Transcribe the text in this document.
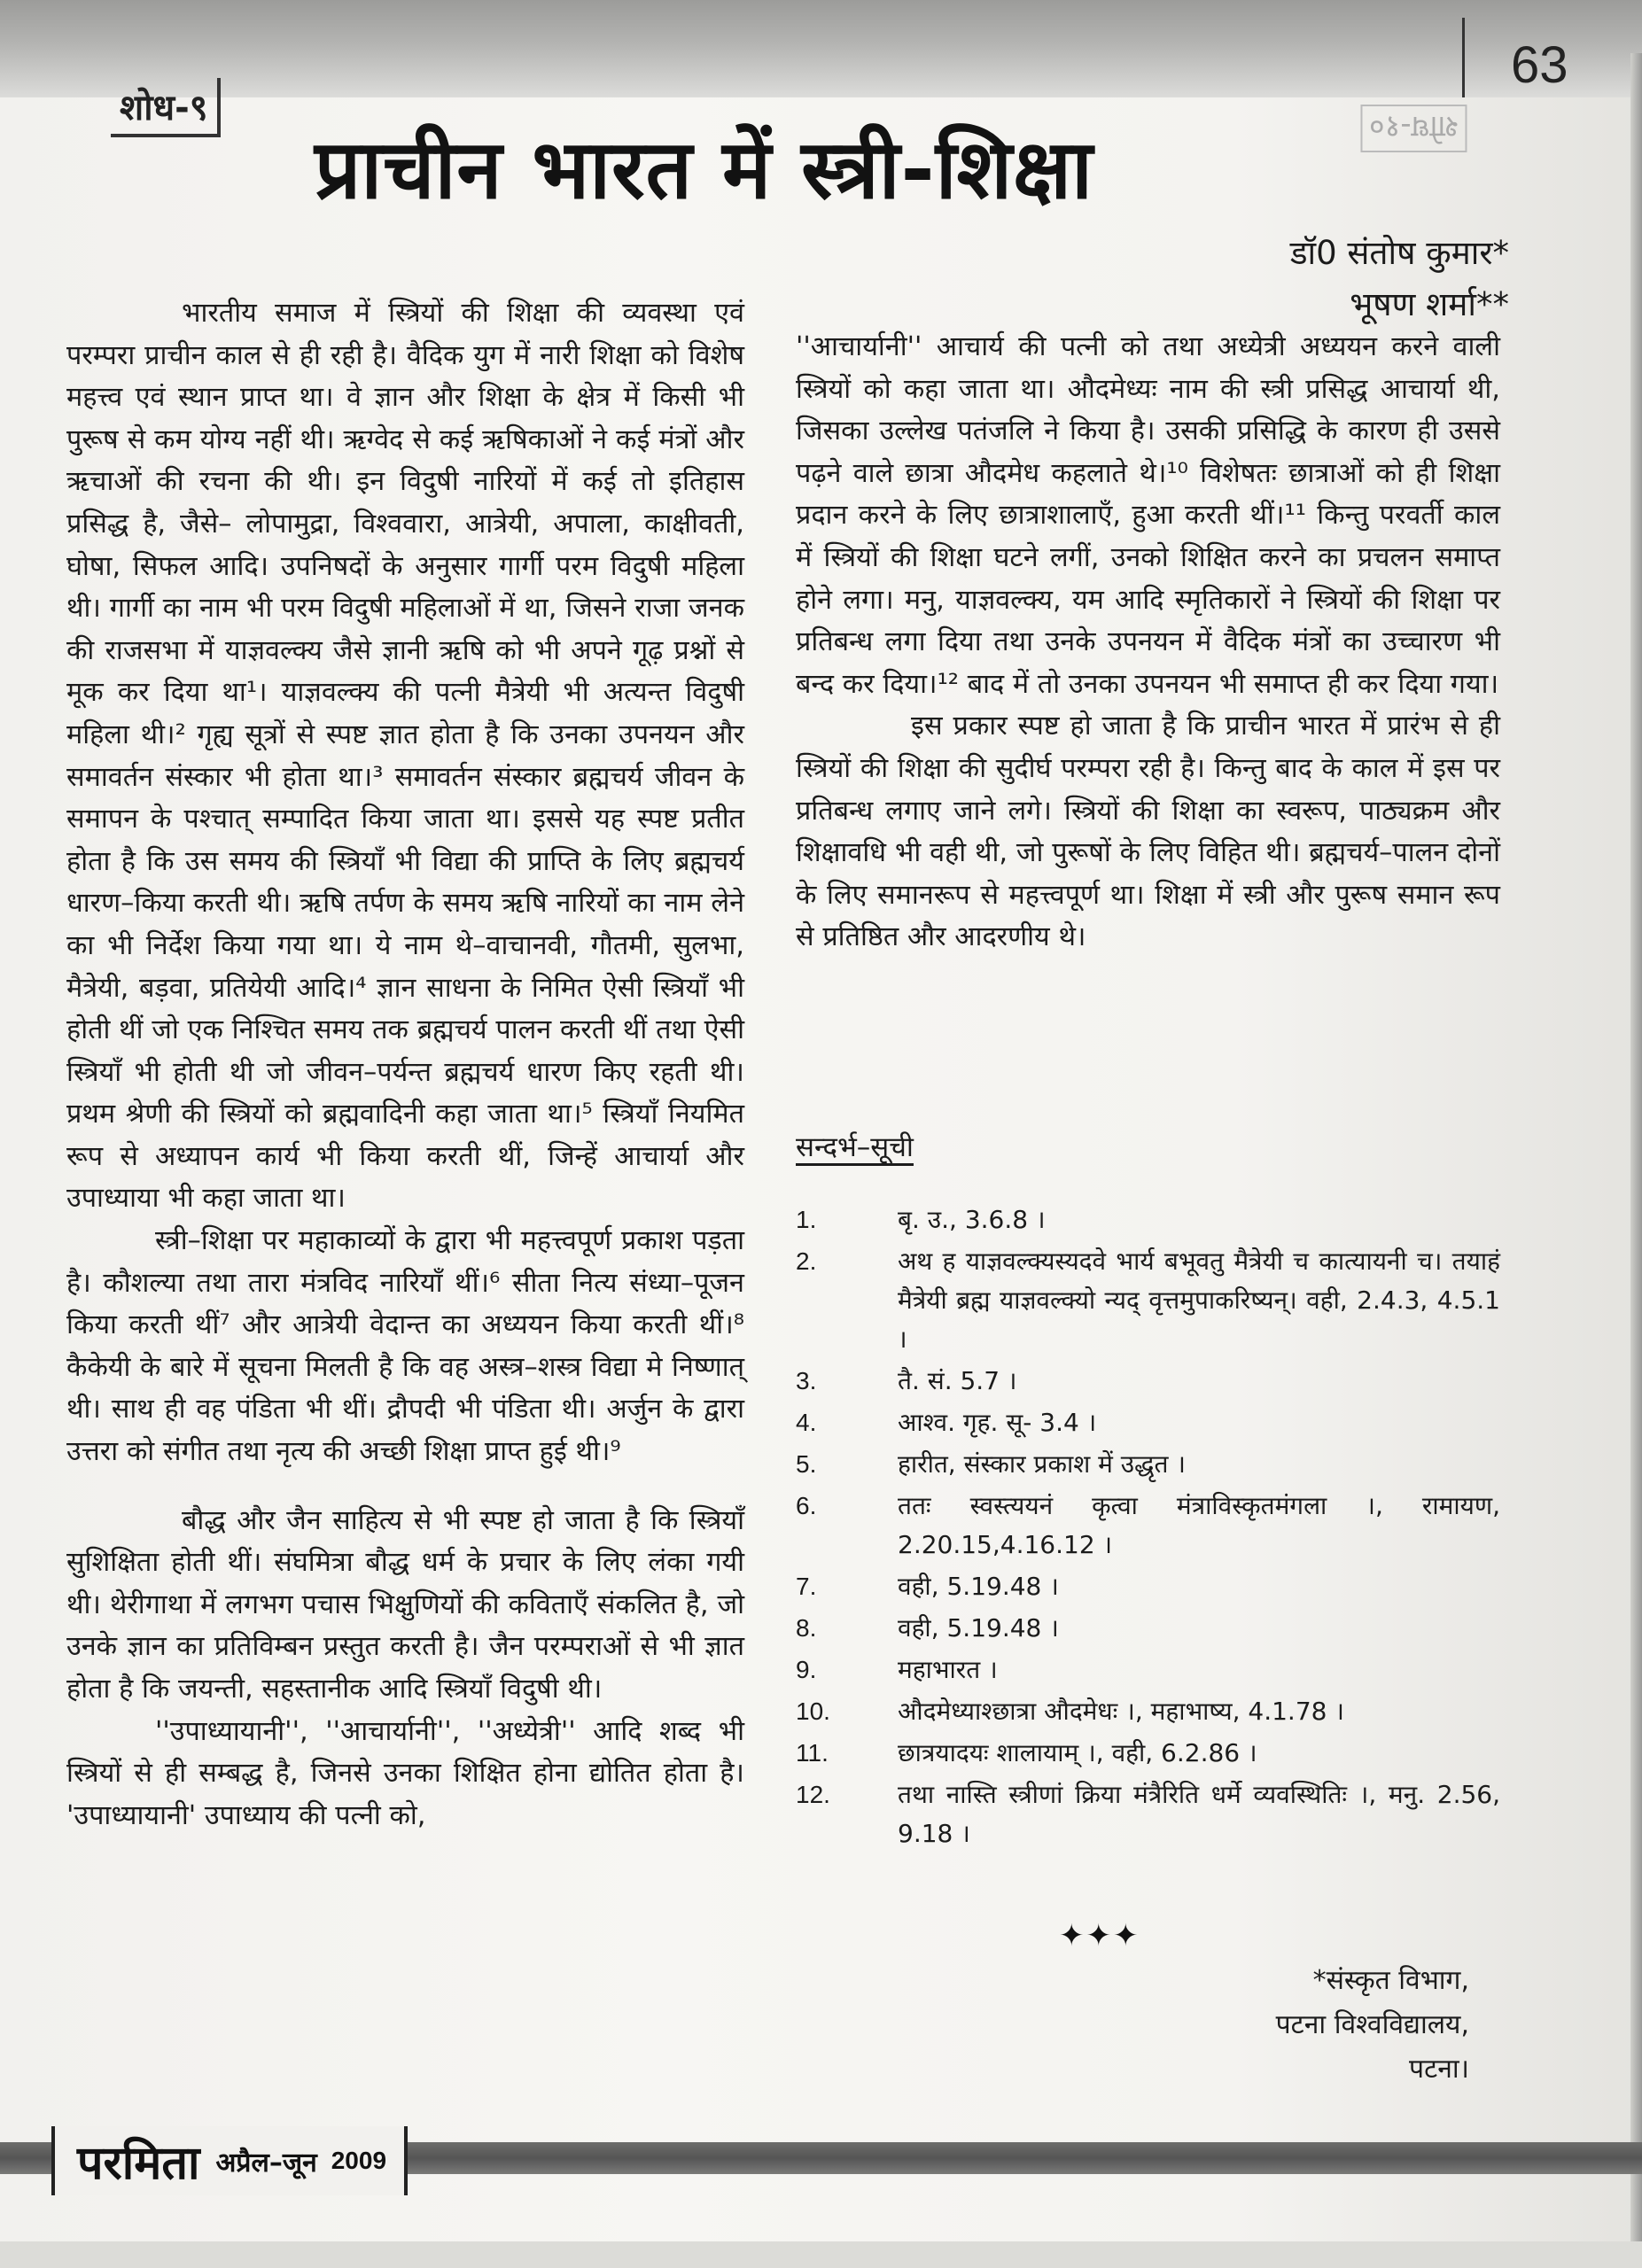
63
शोध-९	शोध-१०
प्राचीन भारत में स्त्री-शिक्षा
डॉ0 संतोष कुमार*
भूषण शर्मा**

भारतीय समाज में स्त्रियों की शिक्षा की व्यवस्था एवं परम्परा प्राचीन काल से ही रही है। वैदिक युग में नारी शिक्षा को विशेष महत्त्व एवं स्थान प्राप्त था। वे ज्ञान और शिक्षा के क्षेत्र में किसी भी पुरूष से कम योग्य नहीं थी। ऋग्वेद से कई ऋषिकाओं ने कई मंत्रों और ऋचाओं की रचना की थी। इन विदुषी नारियों में कई तो इतिहास प्रसिद्ध है, जैसे– लोपामुद्रा, विश्ववारा, आत्रेयी, अपाला, काक्षीवती, घोषा, सिफल आदि। उपनिषदों के अनुसार गार्गी परम विदुषी महिला थी। गार्गी का नाम भी परम विदुषी महिलाओं में था, जिसने राजा जनक की राजसभा में याज्ञवल्क्य जैसे ज्ञानी ऋषि को भी अपने गूढ़ प्रश्नों से मूक कर दिया था¹। याज्ञवल्क्य की पत्नी मैत्रेयी भी अत्यन्त विदुषी महिला थी।² गृह्य सूत्रों से स्पष्ट ज्ञात होता है कि उनका उपनयन और समावर्तन संस्कार भी होता था।³ समावर्तन संस्कार ब्रह्मचर्य जीवन के समापन के पश्चात् सम्पादित किया जाता था। इससे यह स्पष्ट प्रतीत होता है कि उस समय की स्त्रियाँ भी विद्या की प्राप्ति के लिए ब्रह्मचर्य धारण–किया करती थी। ऋषि तर्पण के समय ऋषि नारियों का नाम लेने का भी निर्देश किया गया था। ये नाम थे–वाचानवी, गौतमी, सुलभा, मैत्रेयी, बड़वा, प्रतियेयी आदि।⁴ ज्ञान साधना के निमित ऐसी स्त्रियाँ भी होती थीं जो एक निश्चित समय तक ब्रह्मचर्य पालन करती थीं तथा ऐसी स्त्रियाँ भी होती थी जो जीवन–पर्यन्त ब्रह्मचर्य धारण किए रहती थी। प्रथम श्रेणी की स्त्रियों को ब्रह्मवादिनी कहा जाता था।⁵ स्त्रियाँ नियमित रूप से अध्यापन कार्य भी किया करती थीं, जिन्हें आचार्या और उपाध्याया भी कहा जाता था।

स्त्री–शिक्षा पर महाकाव्यों के द्वारा भी महत्त्वपूर्ण प्रकाश पड़ता है। कौशल्या तथा तारा मंत्रविद नारियाँ थीं।⁶ सीता नित्य संध्या–पूजन किया करती थीं⁷ और आत्रेयी वेदान्त का अध्ययन किया करती थीं।⁸ कैकेयी के बारे में सूचना मिलती है कि वह अस्त्र–शस्त्र विद्या मे निष्णात् थी। साथ ही वह पंडिता भी थीं। द्रौपदी भी पंडिता थी। अर्जुन के द्वारा उत्तरा को संगीत तथा नृत्य की अच्छी शिक्षा प्राप्त हुई थी।⁹

बौद्ध और जैन साहित्य से भी स्पष्ट हो जाता है कि स्त्रियाँ सुशिक्षिता होती थीं। संघमित्रा बौद्ध धर्म के प्रचार के लिए लंका गयी थी। थेरीगाथा में लगभग पचास भिक्षुणियों की कविताएँ संकलित है, जो उनके ज्ञान का प्रतिविम्बन प्रस्तुत करती है। जैन परम्पराओं से भी ज्ञात होता है कि जयन्ती, सहस्तानीक आदि स्त्रियाँ विदुषी थी।

''उपाध्यायानी'', ''आचार्यानी'', ''अध्येत्री'' आदि शब्द भी स्त्रियों से ही सम्बद्ध है, जिनसे उनका शिक्षित होना द्योतित होता है। 'उपाध्यायानी' उपाध्याय की पत्नी को,

''आचार्यानी'' आचार्य की पत्नी को तथा अध्येत्री अध्ययन करने वाली स्त्रियों को कहा जाता था। औदमेध्यः नाम की स्त्री प्रसिद्ध आचार्या थी, जिसका उल्लेख पतंजलि ने किया है। उसकी प्रसिद्धि के कारण ही उससे पढ़ने वाले छात्रा औदमेध कहलाते थे।¹⁰ विशेषतः छात्राओं को ही शिक्षा प्रदान करने के लिए छात्राशालाएँ, हुआ करती थीं।¹¹ किन्तु परवर्ती काल में स्त्रियों की शिक्षा घटने लगीं, उनको शिक्षित करने का प्रचलन समाप्त होने लगा। मनु, याज्ञवल्क्य, यम आदि स्मृतिकारों ने स्त्रियों की शिक्षा पर प्रतिबन्ध लगा दिया तथा उनके उपनयन में वैदिक मंत्रों का उच्चारण भी बन्द कर दिया।¹² बाद में तो उनका उपनयन भी समाप्त ही कर दिया गया।

इस प्रकार स्पष्ट हो जाता है कि प्राचीन भारत में प्रारंभ से ही स्त्रियों की शिक्षा की सुदीर्घ परम्परा रही है। किन्तु बाद के काल में इस पर प्रतिबन्ध लगाए जाने लगे। स्त्रियों की शिक्षा का स्वरूप, पाठ्यक्रम और शिक्षावधि भी वही थी, जो पुरूषों के लिए विहित थी। ब्रह्मचर्य–पालन दोनों के लिए समानरूप से महत्त्वपूर्ण था। शिक्षा में स्त्री और पुरूष समान रूप से प्रतिष्ठित और आदरणीय थे।

सन्दर्भ–सूची
1.	बृ. उ., 3.6.8 ।
2.	अथ ह याज्ञवल्क्यस्यदवे भार्य बभूवतु मैत्रेयी च कात्यायनी च। तयाहं मैत्रेयी ब्रह्म याज्ञवल्क्यो न्यद् वृत्तमुपाकरिष्यन्। वही, 2.4.3, 4.5.1 ।
3.	तै. सं. 5.7 ।
4.	आश्व. गृह. सू- 3.4 ।
5.	हारीत, संस्कार प्रकाश में उद्धृत ।
6.	ततः स्वस्त्ययनं कृत्वा मंत्राविस्कृतमंगला ।, रामायण, 2.20.15,4.16.12 ।
7.	वही, 5.19.48 ।
8.	वही, 5.19.48 ।
9.	महाभारत ।
10.	औदमेध्याश्छात्रा औदमेधः ।, महाभाष्य, 4.1.78 ।
11.	छात्रयादयः शालायाम् ।, वही, 6.2.86 ।
12.	तथा नास्ति स्त्रीणां क्रिया मंत्रैरिति धर्मे व्यवस्थितिः ।, मनु. 2.56, 9.18 ।
✦✦✦
*संस्कृत विभाग,
पटना विश्वविद्यालय,
पटना।
परमिता अप्रैल–जून 2009
